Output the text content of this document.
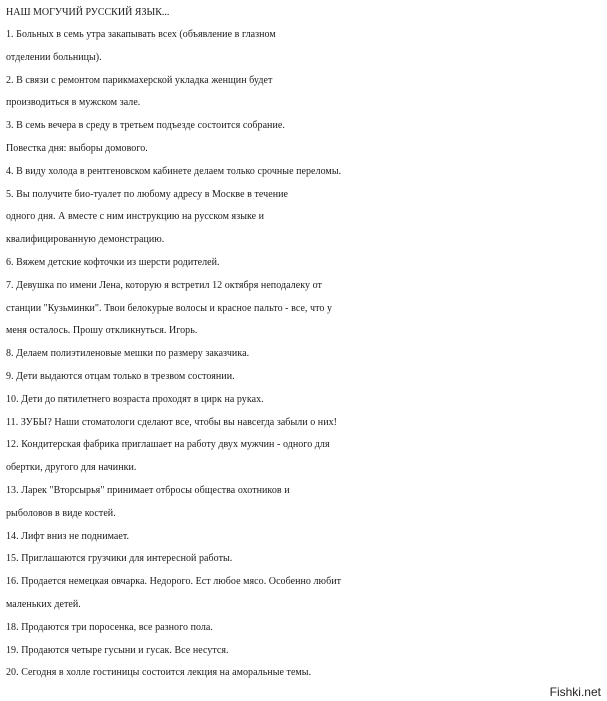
НАШ МОГУЧИЙ РУССКИЙ ЯЗЫК...
1. Больных в семь утра закапывать всех (объявление в глазном
отделении больницы).
2. В связи с ремонтом парикмахерской укладка женщин будет
производиться в мужском зале.
3. В семь вечера в среду в третьем подъезде состоится собрание.
Повестка дня: выборы домового.
4. В виду холода в рентгеновском кабинете делаем только срочные переломы.
5. Вы получите био-туалет по любому адресу в Москве в течение
одного дня. А вместе с ним инструкцию на русском языке и
квалифицированную демонстрацию.
6. Вяжем детские кофточки из шерсти родителей.
7. Девушка по имени Лена, которую я встретил 12 октября неподалеку от
станции "Кузьминки". Твои белокурые волосы и красное пальто - все, что у
меня осталось. Прошу откликнуться. Игорь.
8. Делаем полиэтиленовые мешки по размеру заказчика.
9. Дети выдаются отцам только в трезвом состоянии.
10. Дети до пятилетнего возраста проходят в цирк на руках.
11. ЗУБЫ? Наши стоматологи сделают все, чтобы вы навсегда забыли о них!
12. Кондитерская фабрика приглашает на работу двух мужчин - одного для
обертки, другого для начинки.
13. Ларек "Вторсырья" принимает отбросы общества охотников и
рыболовов в виде костей.
14. Лифт вниз не поднимает.
15. Приглашаются грузчики для интересной работы.
16. Продается немецкая овчарка. Недорого. Ест любое мясо. Особенно любит
маленьких детей.
18. Продаются три поросенка, все разного пола.
19. Продаются четыре гусыни и гусак. Все несутся.
20. Сегодня в холле гостиницы состоится лекция на аморальные темы.
Fishki.net
